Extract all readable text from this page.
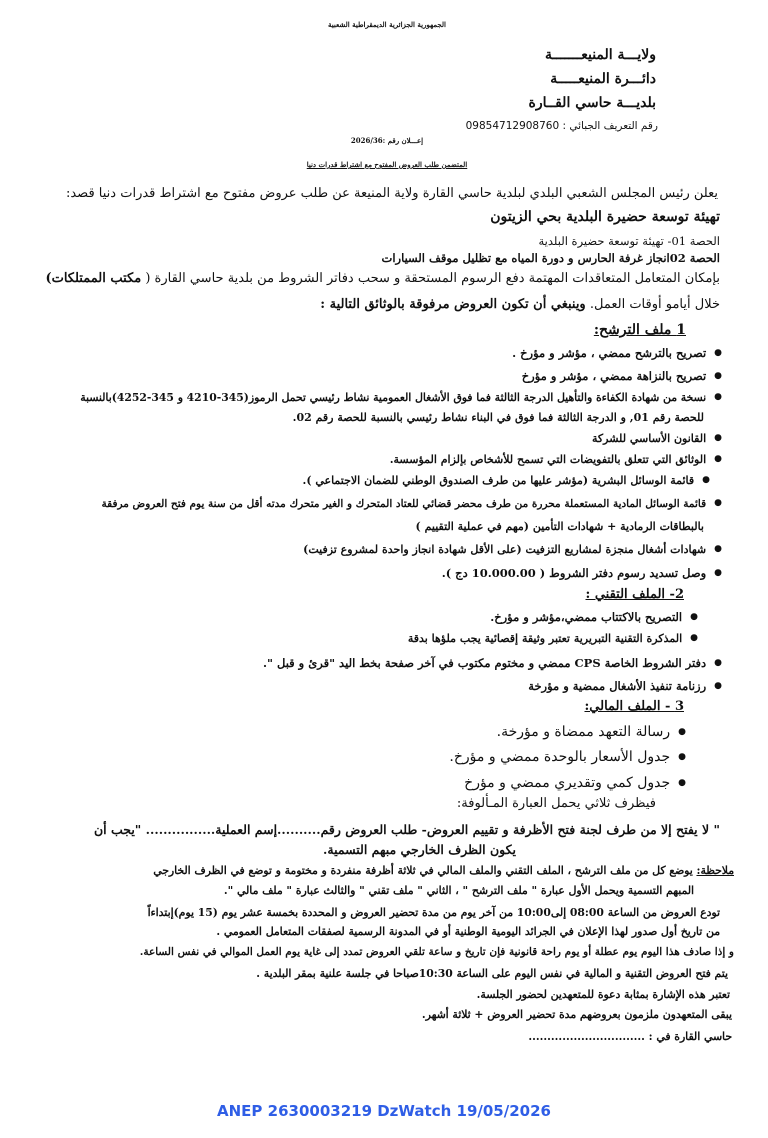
الجمهورية الجزائرية الديمقراطية الشعبية
ولايـــة المنيعـــــــة
دائـــرة المنيعـــــة
بلديـــة حاسي القــارة
رقم التعريف الجبائي : 09854712908760
إعـــلان رقم :2026/36
المتضمن طلب العروض المفتوح مع اشتراط قدرات دنيا
يعلن رئيس المجلس الشعبي البلدي لبلدية حاسي القارة ولاية المنيعة عن طلب عروض مفتوح مع اشتراط قدرات دنيا قصد:
تهيئة توسعة حضيرة البلدية بحي الزيتون
الحصة 01- تهيئة توسعة حضيرة البلدية
الحصة 02انجاز غرفة الحارس و دورة المياه مع تظليل موقف السيارات
بإمكان المتعامل المتعاقدات المهتمة دفع الرسوم المستحقة و سحب دفاتر الشروط من بلدية حاسي القارة ( مكتب الممتلكات)
خلال أيامو أوقات العمل. وينبغي أن تكون العروض مرفوقة بالوثائق التالية :
1 ملف الترشح:
● تصريح بالترشح ممضي ، مؤشر و مؤرخ .
● تصريح بالنزاهة ممضي ، مؤشر و مؤرخ
● نسخة من شهادة الكفاءة والتأهيل الدرجة الثالثة فما فوق الأشغال العمومية نشاط رئيسي تحمل الرموز(345-4210 و 345-4252)بالنسبة
للحصة رقم 01, و الدرجة الثالثة فما فوق في البناء نشاط رئيسي بالنسبة للحصة رقم 02.
● القانون الأساسي للشركة
● الوثائق التي تتعلق بالتفويضات التي تسمح للأشخاص بإلزام المؤسسة.
● قائمة الوسائل البشرية (مؤشر عليها من طرف الصندوق الوطني للضمان الاجتماعي ).
● قائمة الوسائل المادية المستعملة محررة من طرف محضر قضائي للعتاد المتحرك و الغير متحرك مدته أقل من سنة يوم فتح العروض مرفقة
بالبطاقات الرمادية + شهادات التأمين (مهم في عملية التقييم )
● شهادات أشغال منجزة لمشاريع التزفيت (على الأقل شهادة انجاز واحدة لمشروع تزفيت)
● وصل تسديد رسوم دفتر الشروط ( 10.000.00 دج ).
2- الملف التقني :
● التصريح بالاكتتاب ممضي،مؤشر و مؤرخ.
● المذكرة التقنية التبريرية تعتبر وثيقة إقصائية يجب ملؤها بدقة
● دفتر الشروط الخاصة CPS ممضي و مختوم مكتوب في آخر صفحة بخط اليد "قرئ و قبل ".
● رزنامة تنفيذ الأشغال ممضية و مؤرخة
3 - الملف المالي:
● رسالة التعهد ممضاة و مؤرخة.
● جدول الأسعار بالوحدة ممضي و مؤرخ.
● جدول كمي وتقديري ممضي و مؤرخ
فيظرف ثلاثي يحمل العبارة المـألوفة:
" لا يفتح إلا من طرف لجنة فتح الأظرفة و تقييم العروض- طلب العروض رقم..........إسم العملية................ "يجب أن
يكون الظرف الخارجي مبهم التسمية.
ملاحظة: يوضع كل من ملف الترشح ، الملف التقني والملف المالي في ثلاثة أظرفة منفردة و مختومة و توضع في الظرف الخارجي
المبهم التسمية ويحمل الأول عبارة " ملف الترشح " ، الثاني " ملف تقني " والثالث عبارة " ملف مالي ".
تودع العروض من الساعة 08:00 إلى10:00 من آخر يوم من مدة تحضير العروض و المحددة بخمسة عشر يوم (15 يوم)إبتداءاً
من تاريخ أول صدور لهذا الإعلان في الجرائد اليومية الوطنية أو في المدونة الرسمية لصفقات المتعامل العمومي .
و إذا صادف هذا اليوم يوم عطلة أو يوم راحة قانونية فإن تاريخ و ساعة تلقي العروض تمدد إلى غاية يوم العمل الموالي في نفس الساعة.
يتم فتح العروض التقنية و المالية في نفس اليوم على الساعة 10:30صباحا في جلسة علنية بمقر البلدية .
تعتبر هذه الإشارة بمثابة دعوة للمتعهدين لحضور الجلسة.
يبقى المتعهدون ملزمون بعروضهم مدة تحضير العروض + ثلاثة أشهر.
حاسي القارة في : ...............................
ANEP 2630003219 DzWatch 19/05/2026
